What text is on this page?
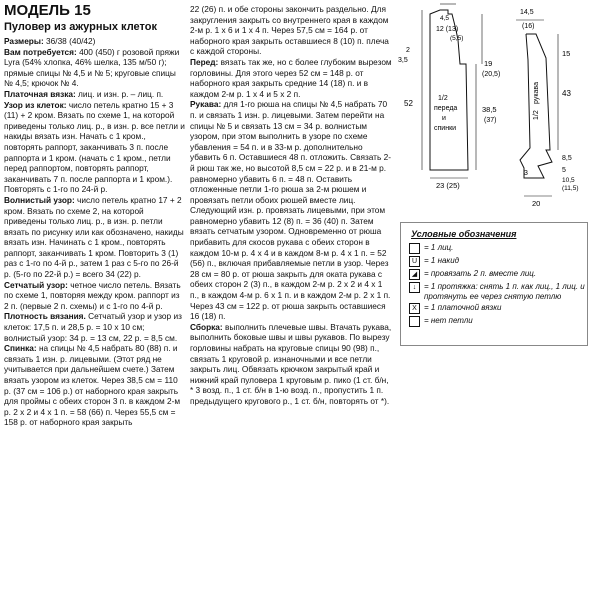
МОДЕЛЬ 15
Пуловер из ажурных клеток

Размеры: 36/38 (40/42)

Вам потребуется: 400 (450) г розовой пряжи Lyra (54% хлопка, 46% шелка, 135 м/50 г); прямые спицы № 4,5 и № 5; круговые спицы № 4,5; крючок № 4.

Платочная вязка: лиц. и изн. р. – лиц. п.

Узор из клеток: число петель кратно 15 + 3 (11) + 2 кром. Вязать по схеме 1, на которой приведены только лиц. р., в изн. р. все петли и накиды вязать изн. Начать с 1 кром., повторять раппорт, заканчивать 3 п. после раппорта и 1 кром. (начать с 1 кром., петли перед раппортом, повторять раппорт, заканчивать 7 п. после раппорта и 1 кром.). Повторять с 1-го по 24-й р.

Волнистый узор: число петель кратно 17 + 2 кром. Вязать по схеме 2, на которой приведены только лиц. р., в изн. р. петли вязать по рисунку или как обозначено, накиды вязать изн. Начинать с 1 кром., повторять раппорт, заканчивать 1 кром. Повторить 3 (1) раз с 1-го по 4-й р., затем 1 раз с 5-го по 26-й р. (5-го по 22-й р.) = всего 34 (22) р.

Сетчатый узор: четное число петель. Вязать по схеме 1, повторяя между кром. раппорт из 2 п. (первые 2 п. схемы) и с 1-го по 4-й р.

Плотность вязания. Сетчатый узор и узор из клеток: 17,5 п. и 28,5 р. = 10 х 10 см; волнистый узор: 34 р. = 13 см, 22 р. = 8,5 см.

Спинка: на спицы № 4,5 набрать 80 (88) п. и связать 1 изн. р. лицевыми. (Этот ряд не учитывается при дальнейшем счете.) Затем вязать узором из клеток. Через 38,5 см = 110 р. (37 см = 106 р.) от наборного края закрыть для проймы с обеих сторон 3 п. в каждом 2-м р. 2 х 2 и 4 х 1 п. = 58 (66) п. Через 55,5 см = 158 р. от наборного края закрыть

22 (26) п. и обе стороны закончить раздельно. Для закругления закрыть со внутреннего края в каждом 2-м р. 1 х 6 и 1 х 4 п. Через 57,5 см = 164 р. от наборного края закрыть оставшиеся 8 (10) п. плеча с каждой стороны.

Перед: вязать так же, но с более глубоким вырезом горловины. Для этого через 52 см = 148 р. от наборного края закрыть средние 14 (18) п. и в каждом 2-м р. 1 х 4 и 5 х 2 п.

Рукава: для 1-го рюша на спицы № 4,5 набрать 70 п. и связать 1 изн. р. лицевыми. Затем перейти на спицы № 5 и связать 13 см = 34 р. волнистым узором, при этом выполнить в узоре по схеме убавления = 54 п. и в 33-м р. дополнительно убавить 6 п. Оставшиеся 48 п. отложить. Связать 2-й рюш так же, но высотой 8,5 см = 22 р. и в 21-м р. равномерно убавить 6 п. = 48 п. Оставить отложенные петли 1-го рюша за 2-м рюшем и провязать петли обоих рюшей вместе лиц. Следующий изн. р. провязать лицевыми, при этом равномерно убавить 12 (8) п. = 36 (40) п. Затем вязать сетчатым узором. Одновременно от рюша прибавить для скосов рукава с обеих сторон в каждом 10-м р. 4 х 4 и в каждом 8-м р. 4 х 1 п. = 52 (56) п., включая прибавляемые петли в узор. Через 28 см = 80 р. от рюша закрыть для оката рукава с обеих сторон 2 (3) п., в каждом 2-м р. 2 х 2 и 4 х 1 п., в каждом 4-м р. 6 х 1 п. и в каждом 2-м р. 2 х 1 п. Через 43 см = 122 р. от рюша закрыть оставшиеся 16 (18) п.

Сборка: выполнить плечевые швы. Втачать рукава, выполнить боковые швы и швы рукавов. По вырезу горловины набрать на круговые спицы 90 (98) п., связать 1 круговой р. изнаночными и все петли закрыть лиц. Обвязать крючком закрытый край и нижний край пуловера 1 круговым р. пико (1 ст. б/н, * 3 возд. п., 1 ст. б/н в 1-ю возд. п., пропустить 1 п. предыдущего кругового р., 1 ст. б/н, повторять от *).

4,5
12 (13)
(5,5)
2
3,5
52
19
(20,5)
38,5
(37)
23 (25)
1/2
переда
и
спинки
14,5
(16)
43
15
1/2
рукава
8,5
5
3
10,5
(11,5)
20
Условные обозначения
= 1 лиц.
U = 1 накид
◢ = провязать 2 п. вместе лиц.
↓ = 1 протяжка: снять 1 п. как лиц., 1 лиц. и протянуть ее через снятую петлю
X = 1 платочной вязки
= нет петли
